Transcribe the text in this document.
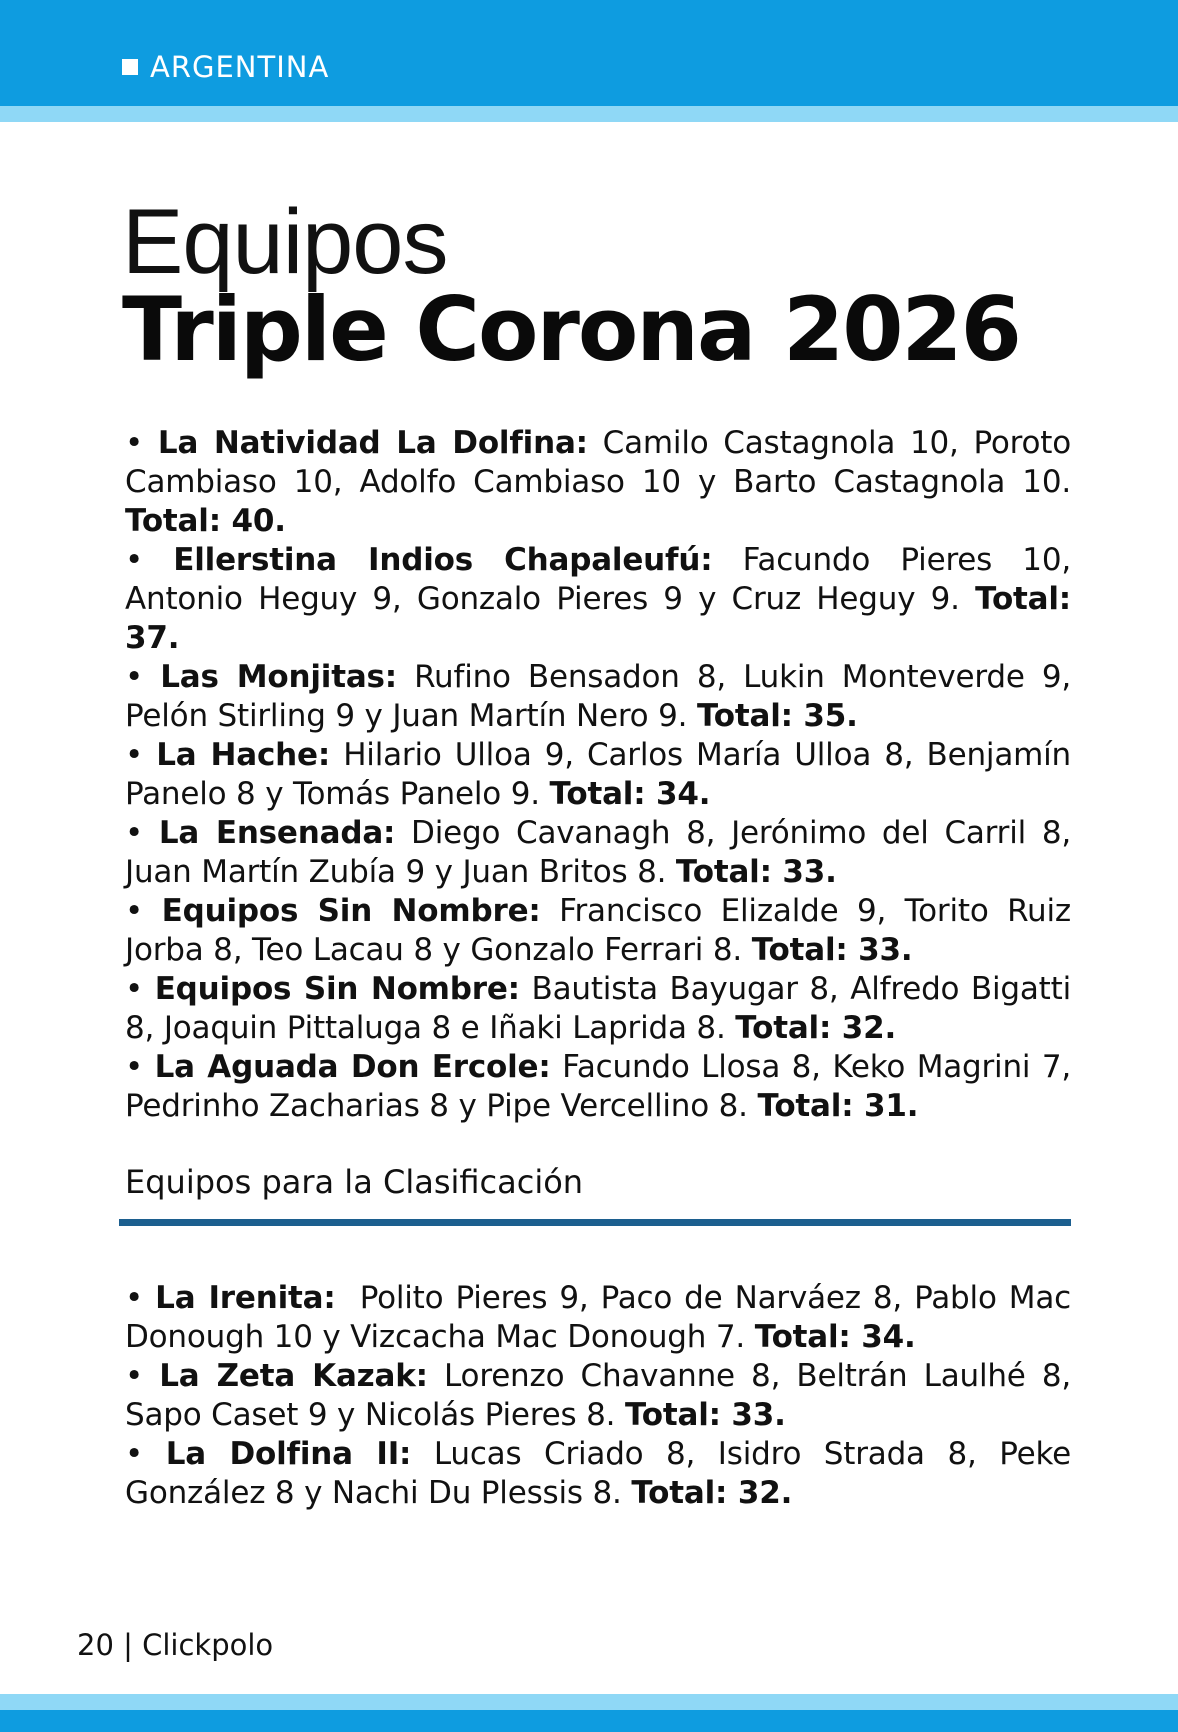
ARGENTINA
Equipos
Triple Corona 2026
• La Natividad La Dolfina: Camilo Castagnola 10, Poroto Cambiaso 10, Adolfo Cambiaso 10 y Barto Castagnola 10. Total: 40.
• Ellerstina Indios Chapaleufú: Facundo Pieres 10, Antonio Heguy 9, Gonzalo Pieres 9 y Cruz Heguy 9. Total: 37.
• Las Monjitas: Rufino Bensadon 8, Lukin Monteverde 9, Pelón Stirling 9 y Juan Martín Nero 9. Total: 35.
• La Hache: Hilario Ulloa 9, Carlos María Ulloa 8, Benjamín Panelo 8 y Tomás Panelo 9. Total: 34.
• La Ensenada: Diego Cavanagh 8, Jerónimo del Carril 8, Juan Martín Zubía 9 y Juan Britos 8. Total: 33.
• Equipos Sin Nombre: Francisco Elizalde 9, Torito Ruiz Jorba 8, Teo Lacau 8 y Gonzalo Ferrari 8. Total: 33.
• Equipos Sin Nombre: Bautista Bayugar 8, Alfredo Bigatti 8, Joaquin Pittaluga 8 e Iñaki Laprida 8. Total: 32.
• La Aguada Don Ercole: Facundo Llosa 8, Keko Magrini 7, Pedrinho Zacharias 8 y Pipe Vercellino 8. Total: 31.
Equipos para la Clasificación
• La Irenita: Polito Pieres 9, Paco de Narváez 8, Pablo Mac Donough 10 y Vizcacha Mac Donough 7. Total: 34.
• La Zeta Kazak: Lorenzo Chavanne 8, Beltrán Laulhé 8, Sapo Caset 9 y Nicolás Pieres 8. Total: 33.
• La Dolfina II: Lucas Criado 8, Isidro Strada 8, Peke González 8 y Nachi Du Plessis 8. Total: 32.
20 | Clickpolo
